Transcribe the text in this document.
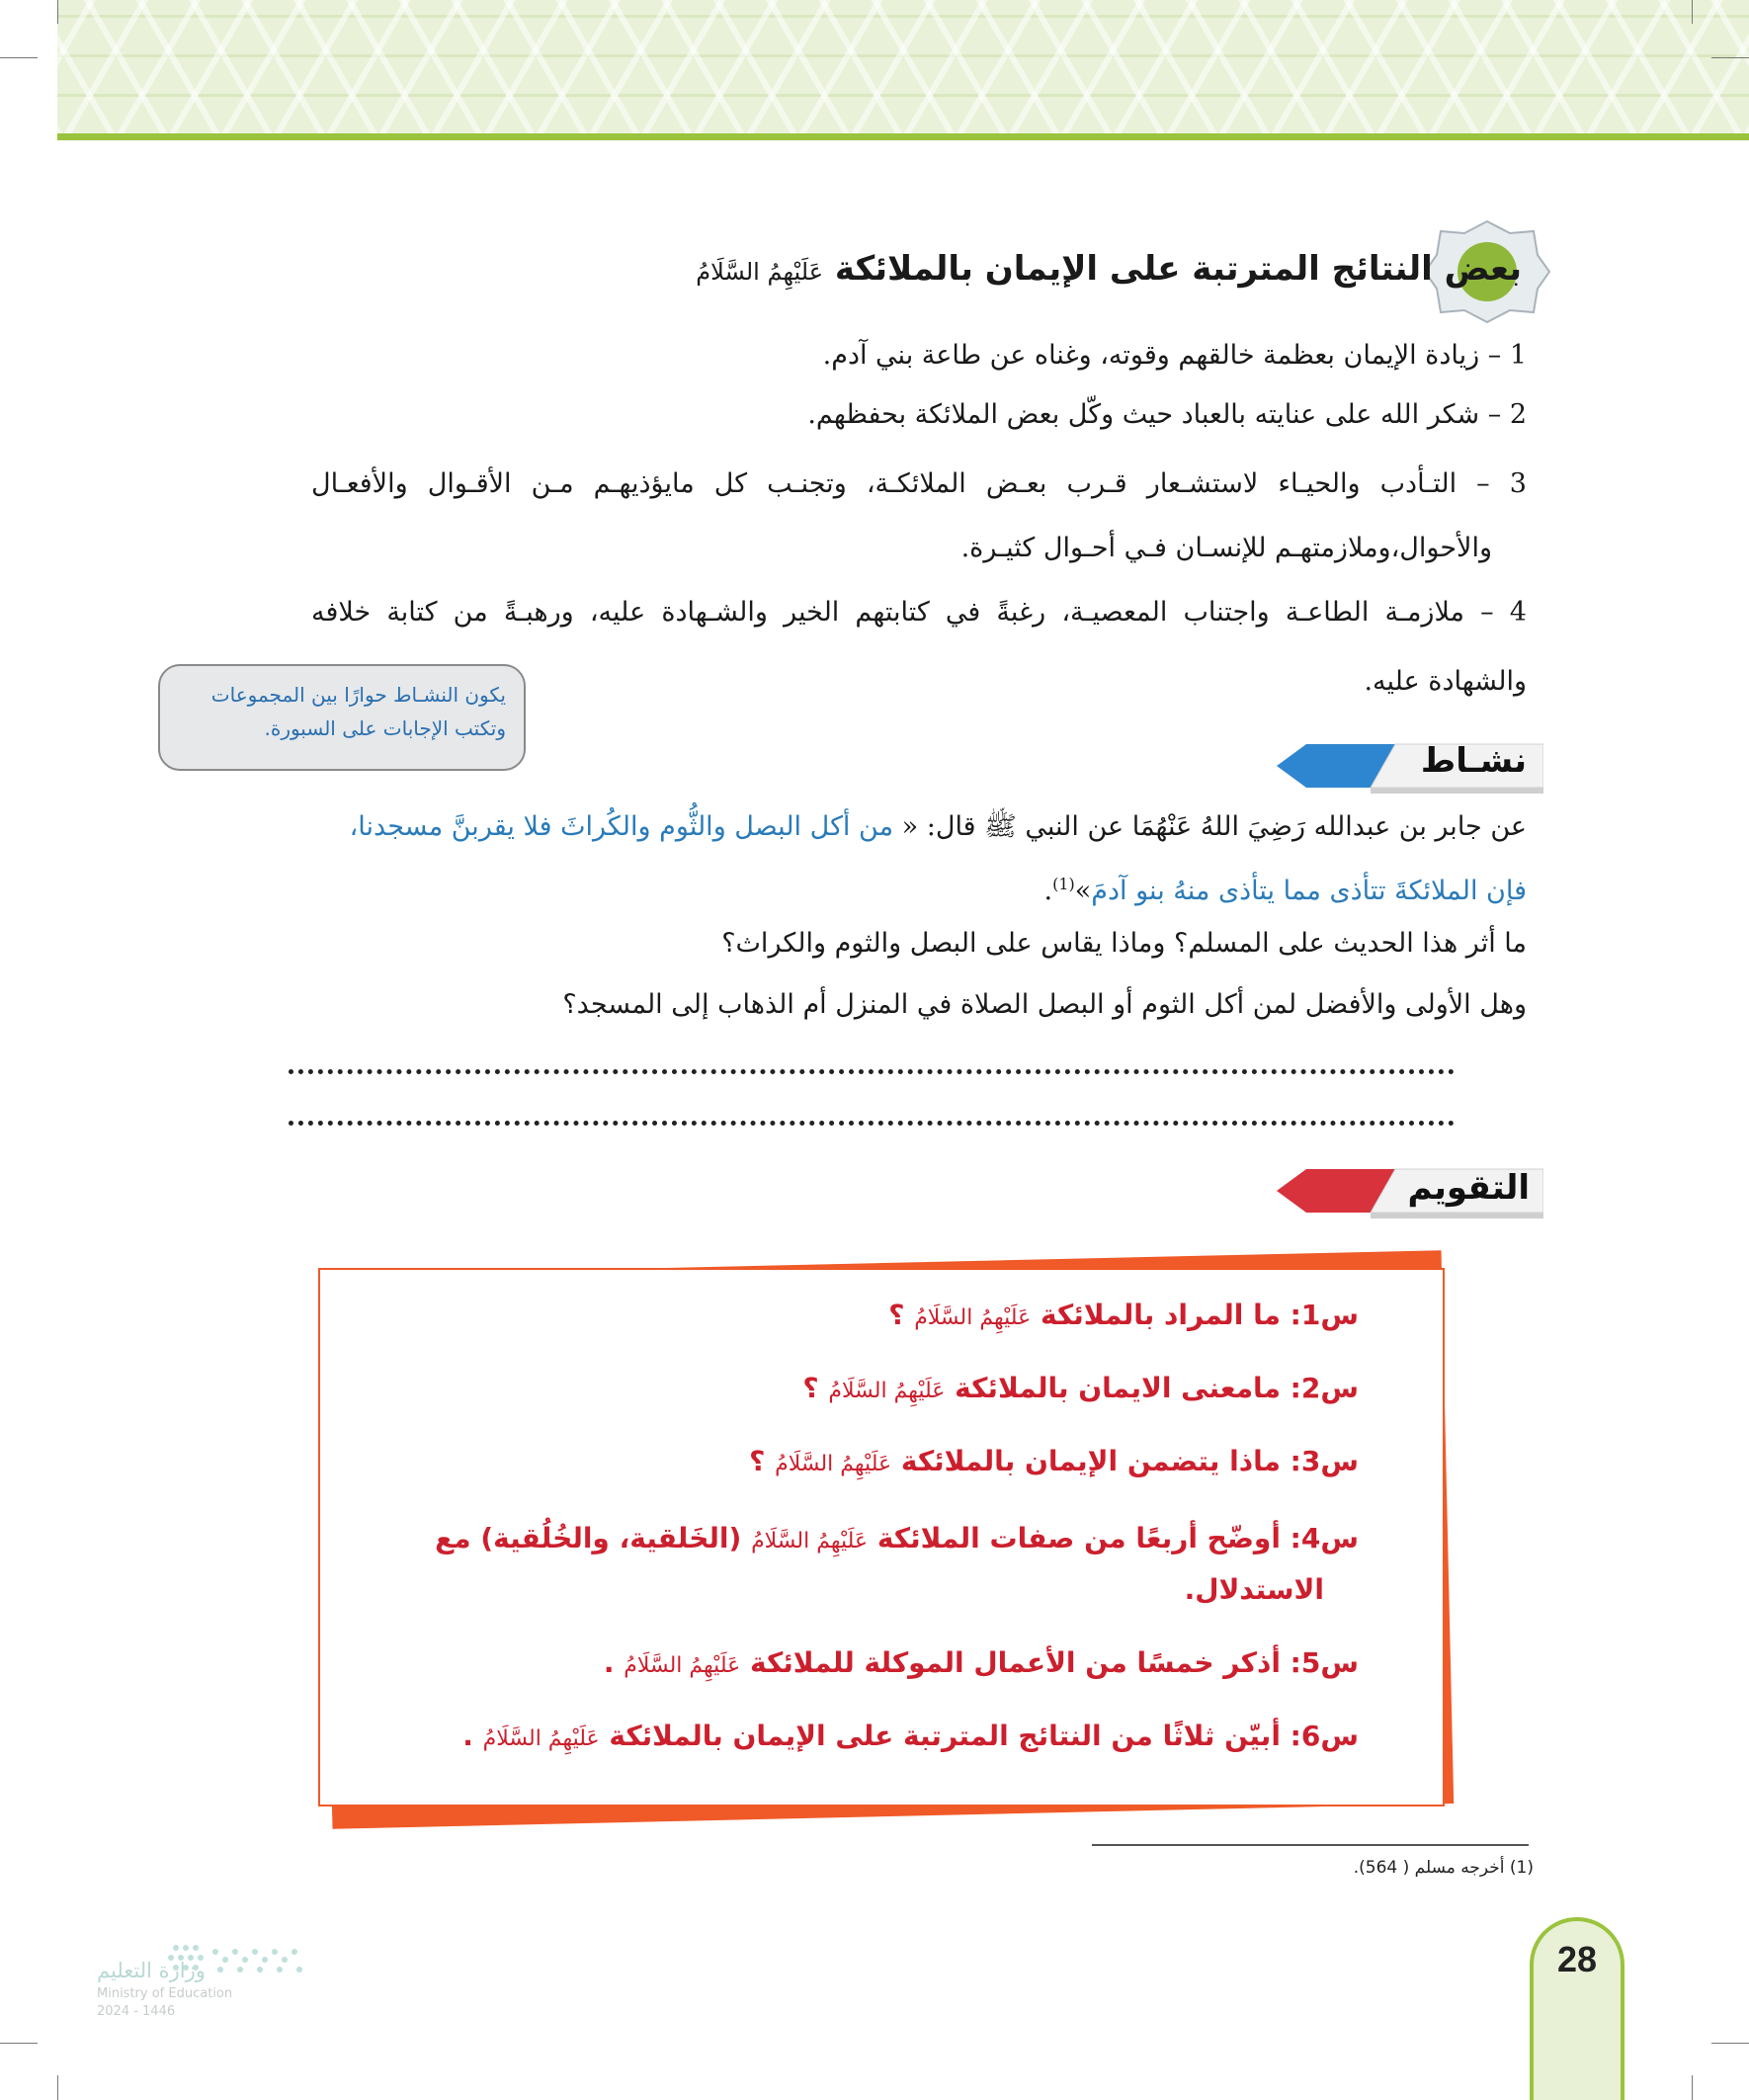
بعض النتائج المترتبة على الإيمان بالملائكة عَلَيْهِمُ السَّلَامُ
1 – زيادة الإيمان بعظمة خالقهم وقوته، وغناه عن طاعة بني آدم.
2 – شكر الله على عنايته بالعباد حيث وكّل بعض الملائكة بحفظهم.
3 – التـأدب والحيـاء لاستشـعار قـرب بعـض الملائكـة، وتجنـب كل مايؤذيهـم مـن الأقـوال والأفعـال
والأحوال،وملازمتهـم للإنسـان فـي أحـوال كثيـرة.
4 – ملازمـة الطاعـة واجتناب المعصيـة، رغبةً في كتابتهم الخير والشـهادة عليه، ورهبـةً من كتابة خلافه
والشهادة عليه.
يكون النشـاط حوارًا بين المجموعات
وتكتب الإجابات على السبورة.
نشـاط
عن جابر بن عبدالله رَضِيَ اللهُ عَنْهُمَا عن النبي ﷺ قال: « من أكل البصل والثُّوم والكُراثَ فلا يقربنَّ مسجدنا،
فإن الملائكةَ تتأذى مما يتأذى منهُ بنو آدمَ»$^{(1)}$.
ما أثر هذا الحديث على المسلم؟ وماذا يقاس على البصل والثوم والكراث؟
وهل الأولى والأفضل لمن أكل الثوم أو البصل الصلاة في المنزل أم الذهاب إلى المسجد؟
التقويم
س1: ما المراد بالملائكة عَلَيْهِمُ السَّلَامُ ؟
س2: مامعنى الايمان بالملائكة عَلَيْهِمُ السَّلَامُ ؟
س3: ماذا يتضمن الإيمان بالملائكة عَلَيْهِمُ السَّلَامُ ؟
س4: أوضّح أربعًا من صفات الملائكة عَلَيْهِمُ السَّلَامُ (الخَلقية، والخُلُقية) مع
الاستدلال.
س5: أذكر خمسًا من الأعمال الموكلة للملائكة عَلَيْهِمُ السَّلَامُ .
س6: أبيّن ثلاثًا من النتائج المترتبة على الإيمان بالملائكة عَلَيْهِمُ السَّلَامُ .
(1) أخرجه مسلم ( 564).
وزارة التعليم
Ministry of Education
2024 - 1446
28
